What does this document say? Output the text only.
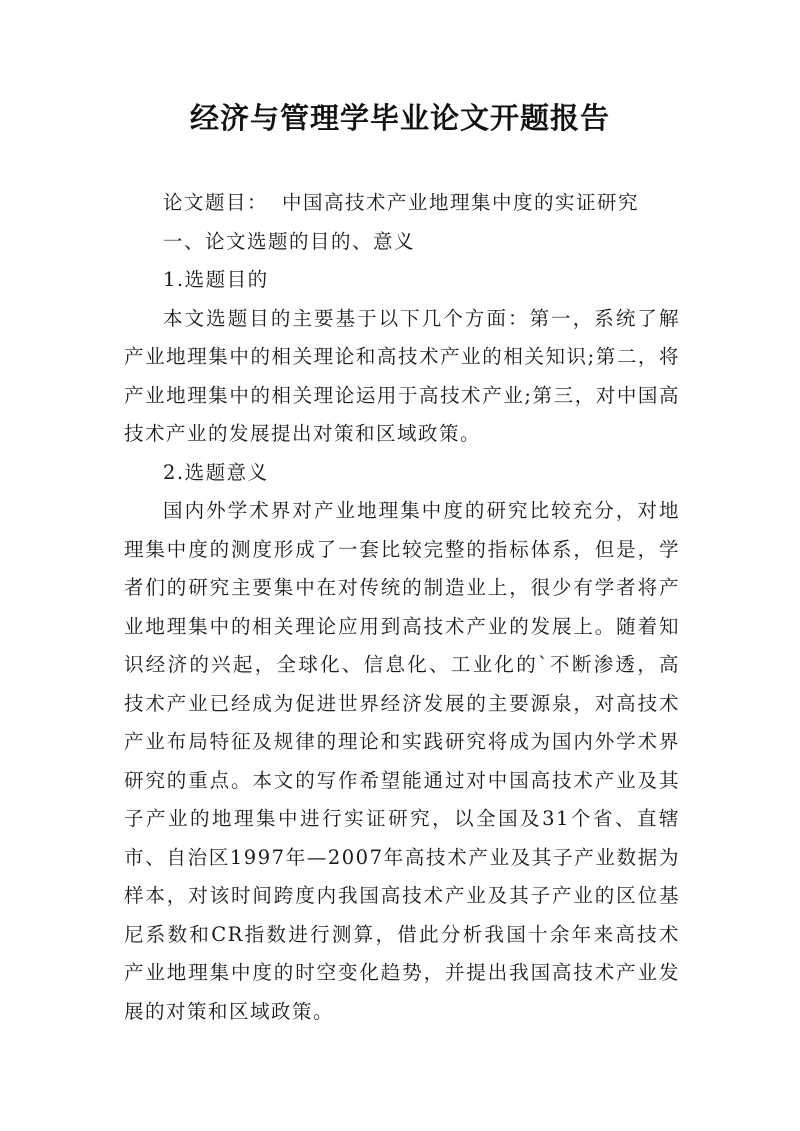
经济与管理学毕业论文开题报告

论文题目： 中国高技术产业地理集中度的实证研究

一、论文选题的目的、意义

1.选题目的

本文选题目的主要基于以下几个方面：第一，系统了解产业地理集中的相关理论和高技术产业的相关知识;第二，将产业地理集中的相关理论运用于高技术产业;第三，对中国高技术产业的发展提出对策和区域政策。

2.选题意义

国内外学术界对产业地理集中度的研究比较充分，对地理集中度的测度形成了一套比较完整的指标体系，但是，学者们的研究主要集中在对传统的制造业上，很少有学者将产业地理集中的相关理论应用到高技术产业的发展上。随着知识经济的兴起，全球化、信息化、工业化的`不断渗透，高技术产业已经成为促进世界经济发展的主要源泉，对高技术产业布局特征及规律的理论和实践研究将成为国内外学术界研究的重点。本文的写作希望能通过对中国高技术产业及其子产业的地理集中进行实证研究，以全国及31个省、直辖市、自治区1997年—2007年高技术产业及其子产业数据为样本，对该时间跨度内我国高技术产业及其子产业的区位基尼系数和CR指数进行测算，借此分析我国十余年来高技术产业地理集中度的时空变化趋势，并提出我国高技术产业发展的对策和区域政策。
